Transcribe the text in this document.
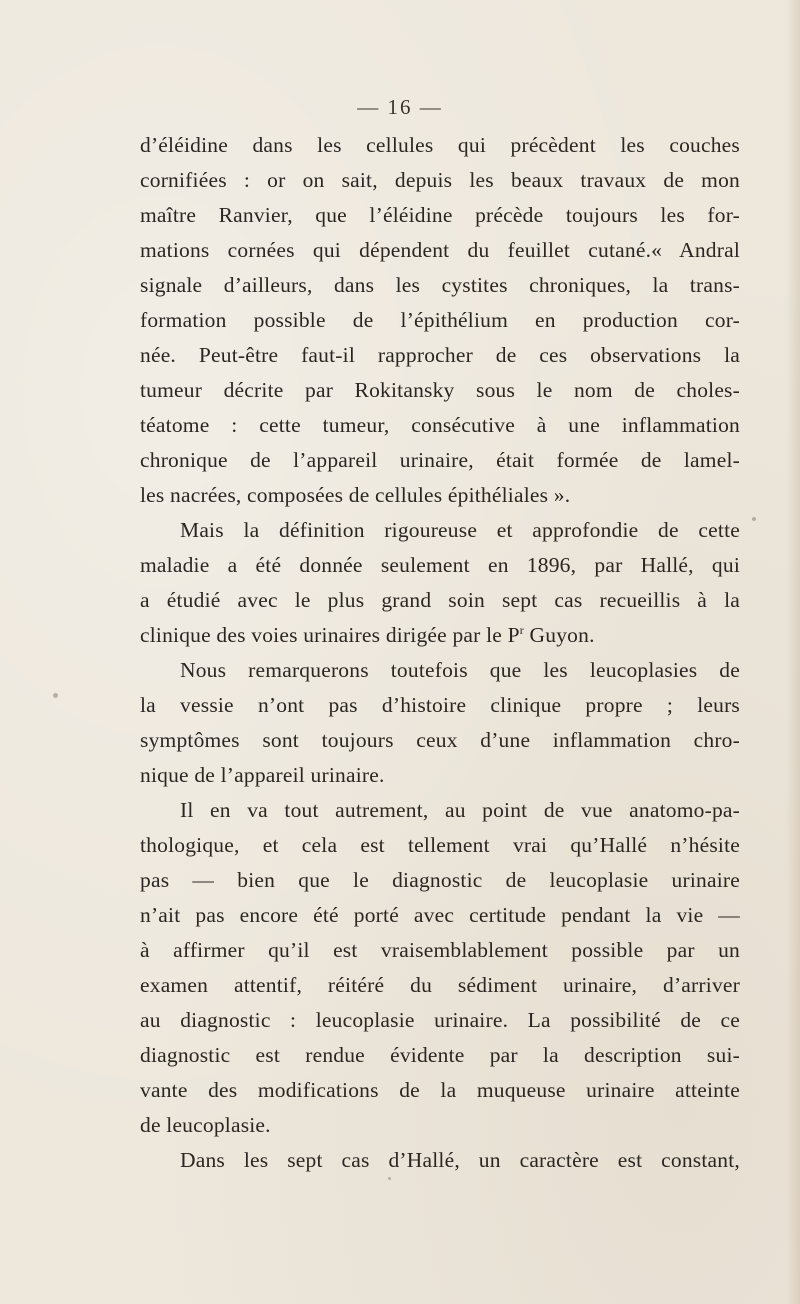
— 16 —
d’éléidine dans les cellules qui précèdent les couches
cornifiées : or on sait, depuis les beaux travaux de mon
maître Ranvier, que l’éléidine précède toujours les for-
mations cornées qui dépendent du feuillet cutané.« Andral
signale d’ailleurs, dans les cystites chroniques, la trans-
formation possible de l’épithélium en production cor-
née. Peut-être faut-il rapprocher de ces observations la
tumeur décrite par Rokitansky sous le nom de choles-
téatome : cette tumeur, consécutive à une inflammation
chronique de l’appareil urinaire, était formée de lamel-
les nacrées, composées de cellules épithéliales ».
Mais la définition rigoureuse et approfondie de cette
maladie a été donnée seulement en 1896, par Hallé, qui
a étudié avec le plus grand soin sept cas recueillis à la
clinique des voies urinaires dirigée par le $P^r$ Guyon.
Nous remarquerons toutefois que les leucoplasies de
la vessie n’ont pas d’histoire clinique propre ; leurs
symptômes sont toujours ceux d’une inflammation chro-
nique de l’appareil urinaire.
Il en va tout autrement, au point de vue anatomo-pa-
thologique, et cela est tellement vrai qu’Hallé n’hésite
pas — bien que le diagnostic de leucoplasie urinaire
n’ait pas encore été porté avec certitude pendant la vie —
à affirmer qu’il est vraisemblablement possible par un
examen attentif, réitéré du sédiment urinaire, d’arriver
au diagnostic : leucoplasie urinaire. La possibilité de ce
diagnostic est rendue évidente par la description sui-
vante des modifications de la muqueuse urinaire atteinte
de leucoplasie.
Dans les sept cas d’Hallé, un caractère est constant,
